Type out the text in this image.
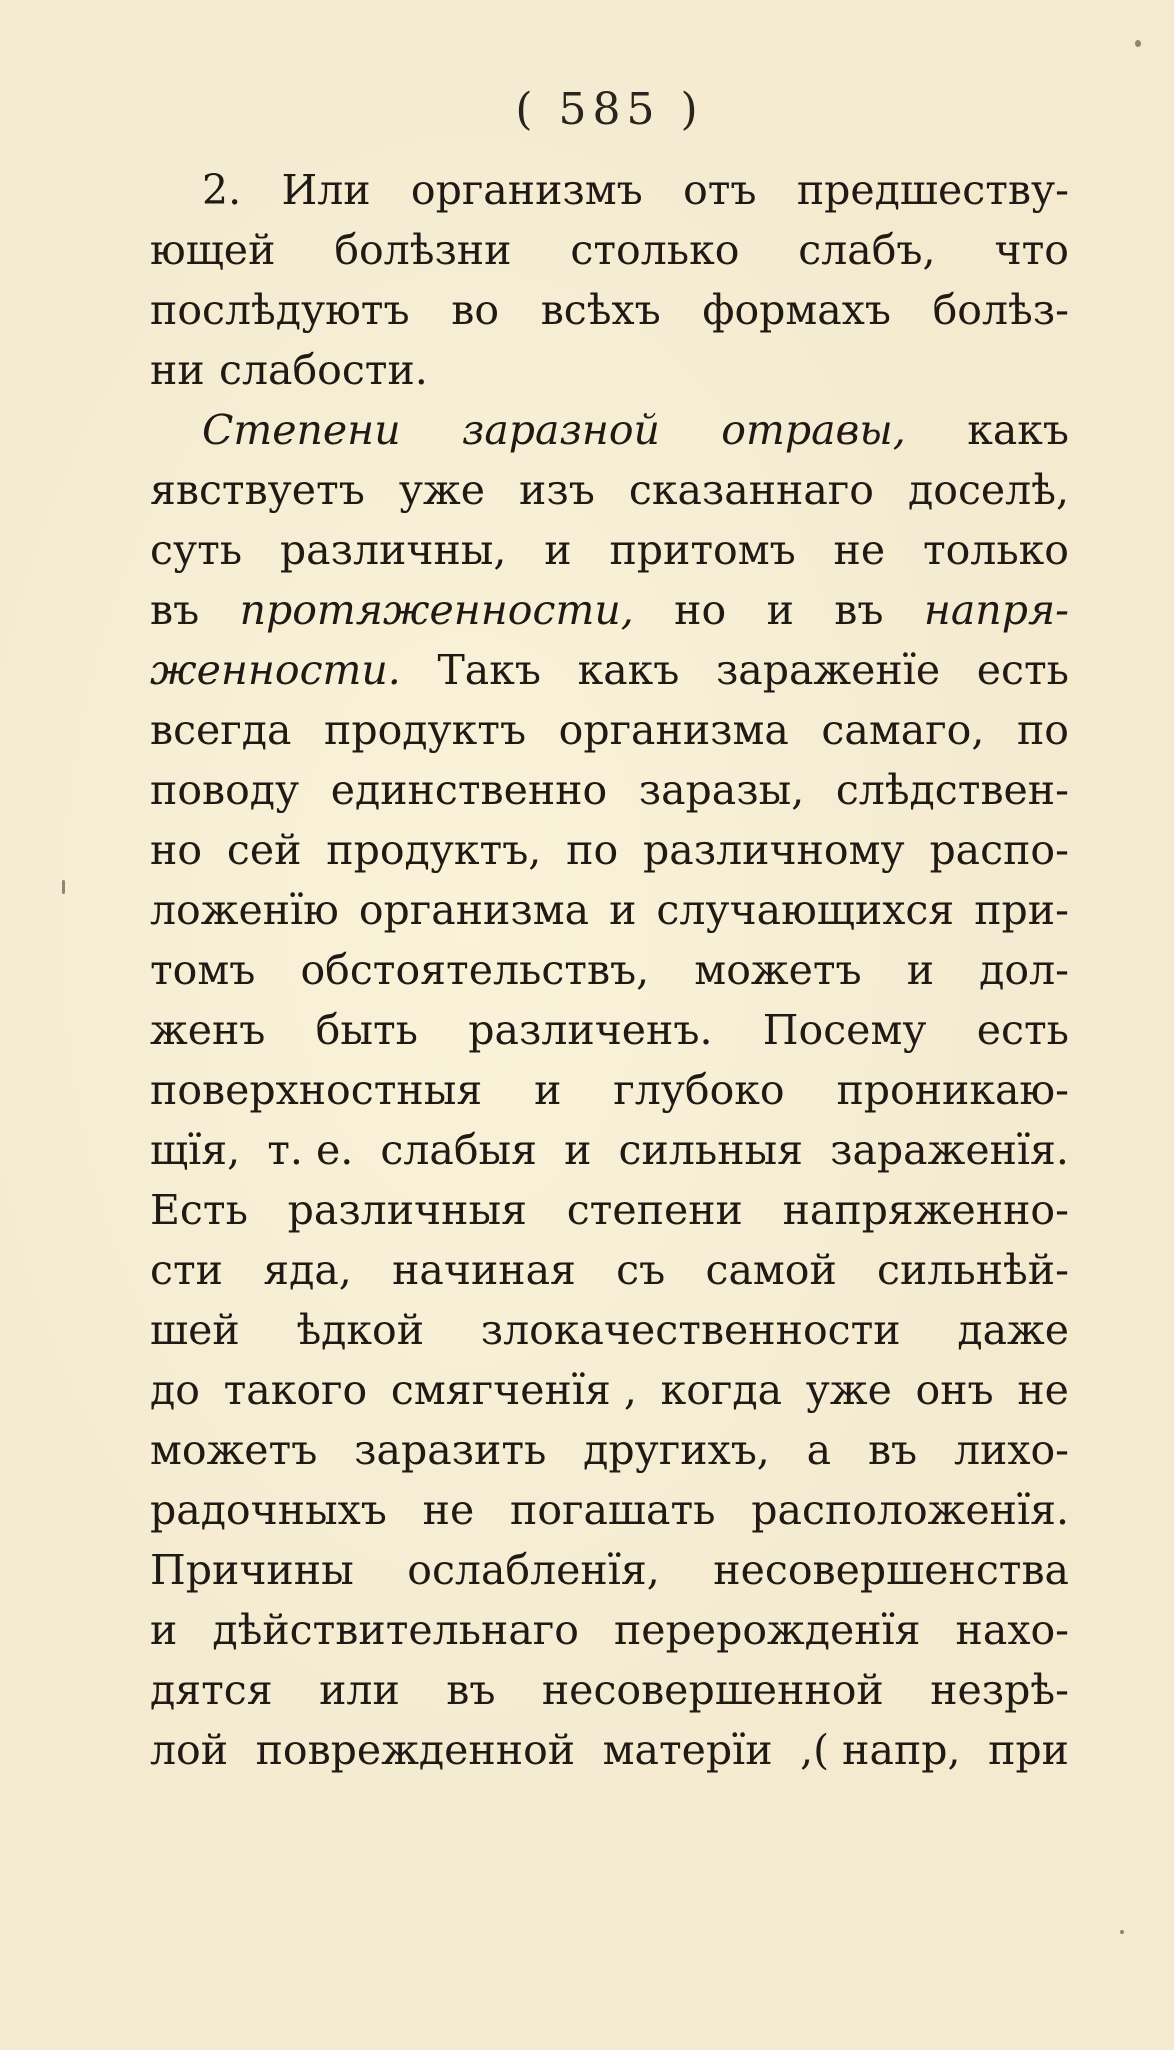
( 585 )
2. Или организмъ отъ предшеству-
ющей болѣзни столько слабъ, что
послѣдуютъ во всѣхъ формахъ болѣз-
ни слабости.
Степени заразной отравы, какъ
явствуетъ уже изъ сказаннаго доселѣ,
суть различны, и притомъ не только
въ протяженности, но и въ напря-
женности. Такъ какъ зараженїе есть
всегда продуктъ организма самаго, по
поводу единственно заразы, слѣдствен-
но сей продуктъ, по различному распо-
ложенїю организма и случающихся при-
томъ обстоятельствъ, можетъ и дол-
женъ быть различенъ. Посему есть
поверхностныя и глубоко проникаю-
щїя, т. е. слабыя и сильныя зараженїя.
Есть различныя степени напряженно-
сти яда, начиная съ самой сильнѣй-
шей ѣдкой злокачественности даже
до такого смягченїя , когда уже онъ не
можетъ заразить другихъ, а въ лихо-
радочныхъ не погашать расположенїя.
Причины ослабленїя, несовершенства
и дѣйствительнаго перерожденїя нахо-
дятся или въ несовершенной незрѣ-
лой поврежденной матерїи ,( напр, при
